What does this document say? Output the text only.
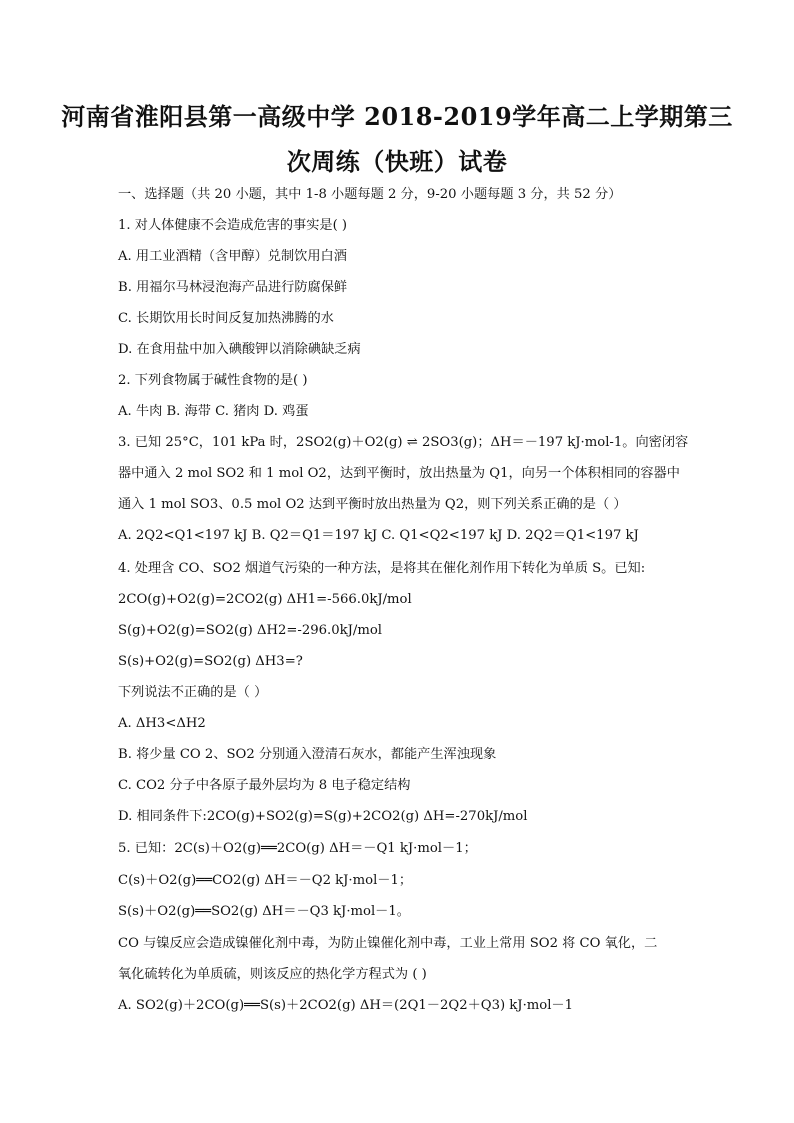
河南省淮阳县第一高级中学 2018-2019学年高二上学期第三
次周练（快班）试卷
一、选择题（共 20 小题，其中 1-8 小题每题 2 分，9-20 小题每题 3 分，共 52 分）
1. 对人体健康不会造成危害的事实是( )
A. 用工业酒精（含甲醇）兑制饮用白酒
B. 用福尔马林浸泡海产品进行防腐保鲜
C. 长期饮用长时间反复加热沸腾的水
D. 在食用盐中加入碘酸钾以消除碘缺乏病
2. 下列食物属于碱性食物的是( )
A. 牛肉 B. 海带 C. 猪肉 D. 鸡蛋
3. 已知 25°C，101 kPa 时，2SO2(g)＋O2(g) ⇌ 2SO3(g)；ΔH＝－197 kJ·mol-1。向密闭容
器中通入 2 mol SO2 和 1 mol O2，达到平衡时，放出热量为 Q1，向另一个体积相同的容器中
通入 1 mol SO3、0.5 mol O2 达到平衡时放出热量为 Q2，则下列关系正确的是（ ）
A. 2Q2<Q1<197 kJ B. Q2＝Q1＝197 kJ C. Q1<Q2<197 kJ D. 2Q2＝Q1<197 kJ
4. 处理含 CO、SO2 烟道气污染的一种方法，是将其在催化剂作用下转化为单质 S。已知:
2CO(g)+O2(g)=2CO2(g) ΔH1=-566.0kJ/mol
S(g)+O2(g)=SO2(g) ΔH2=-296.0kJ/mol
S(s)+O2(g)=SO2(g) ΔH3=?
下列说法不正确的是（ ）
A. ΔH3<ΔH2
B. 将少量 CO 2、SO2 分别通入澄清石灰水，都能产生浑浊现象
C. CO2 分子中各原子最外层均为 8 电子稳定结构
D. 相同条件下:2CO(g)+SO2(g)=S(g)+2CO2(g) ΔH=-270kJ/mol
5. 已知：2C(s)＋O2(g)══2CO(g) ΔH＝－Q1 kJ·mol－1；
C(s)＋O2(g)══CO2(g) ΔH＝－Q2 kJ·mol－1；
S(s)＋O2(g)══SO2(g) ΔH＝－Q3 kJ·mol－1。
CO 与镍反应会造成镍催化剂中毒，为防止镍催化剂中毒，工业上常用 SO2 将 CO 氧化，二
氧化硫转化为单质硫，则该反应的热化学方程式为 ( )
A. SO2(g)＋2CO(g)══S(s)＋2CO2(g) ΔH＝(2Q1－2Q2＋Q3) kJ·mol－1
